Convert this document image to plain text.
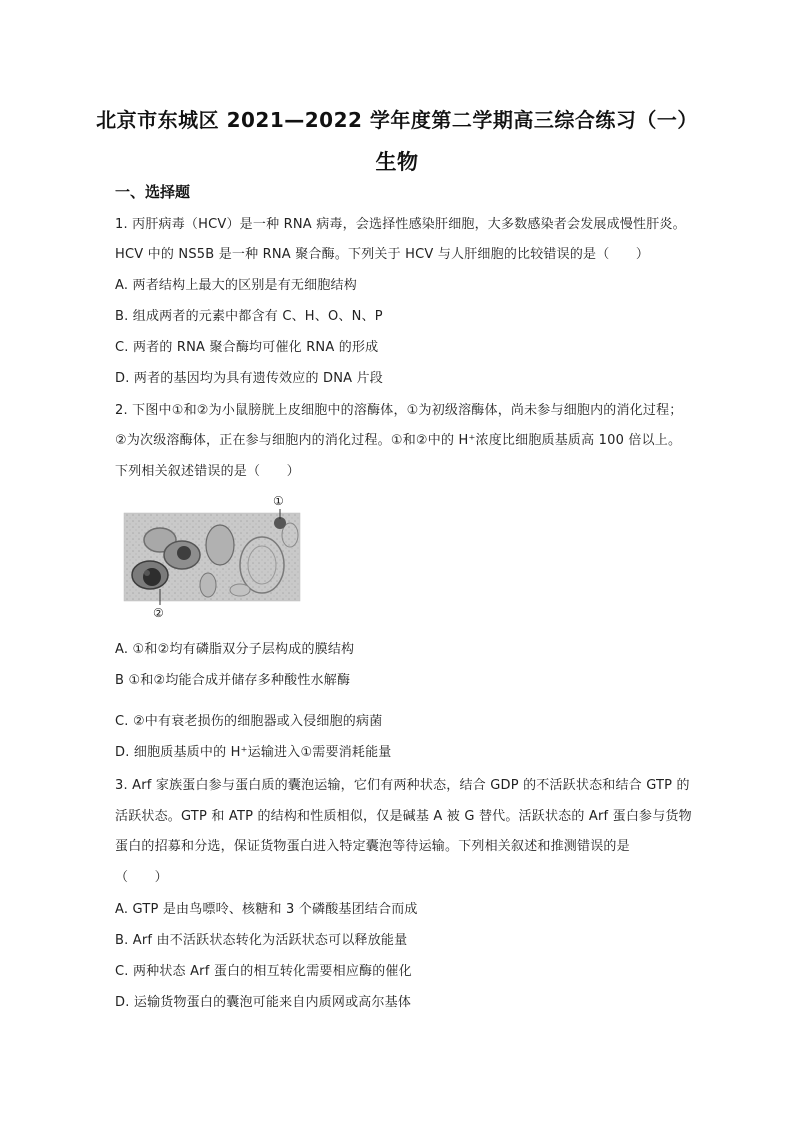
北京市东城区 2021—2022 学年度第二学期高三综合练习（一）
生物
一、选择题
1. 丙肝病毒（HCV）是一种 RNA 病毒，会选择性感染肝细胞，大多数感染者会发展成慢性肝炎。
HCV 中的 NS5B 是一种 RNA 聚合酶。下列关于 HCV 与人肝细胞的比较错误的是（　　）
A. 两者结构上最大的区别是有无细胞结构
B. 组成两者的元素中都含有 C、H、O、N、P
C. 两者的 RNA 聚合酶均可催化 RNA 的形成
D. 两者的基因均为具有遗传效应的 DNA 片段
2. 下图中①和②为小鼠膀胱上皮细胞中的溶酶体，①为初级溶酶体，尚未参与细胞内的消化过程；
②为次级溶酶体，正在参与细胞内的消化过程。①和②中的 H⁺浓度比细胞质基质高 100 倍以上。
下列相关叙述错误的是（　　）
①
②
A. ①和②均有磷脂双分子层构成的膜结构
B ①和②均能合成并储存多种酸性水解酶
C. ②中有衰老损伤的细胞器或入侵细胞的病菌
D. 细胞质基质中的 H⁺运输进入①需要消耗能量
3. Arf 家族蛋白参与蛋白质的囊泡运输，它们有两种状态，结合 GDP 的不活跃状态和结合 GTP 的
活跃状态。GTP 和 ATP 的结构和性质相似，仅是碱基 A 被 G 替代。活跃状态的 Arf 蛋白参与货物
蛋白的招募和分选，保证货物蛋白进入特定囊泡等待运输。下列相关叙述和推测错误的是
（　　）
A. GTP 是由鸟嘌呤、核糖和 3 个磷酸基团结合而成
B. Arf 由不活跃状态转化为活跃状态可以释放能量
C. 两种状态 Arf 蛋白的相互转化需要相应酶的催化
D. 运输货物蛋白的囊泡可能来自内质网或高尔基体
